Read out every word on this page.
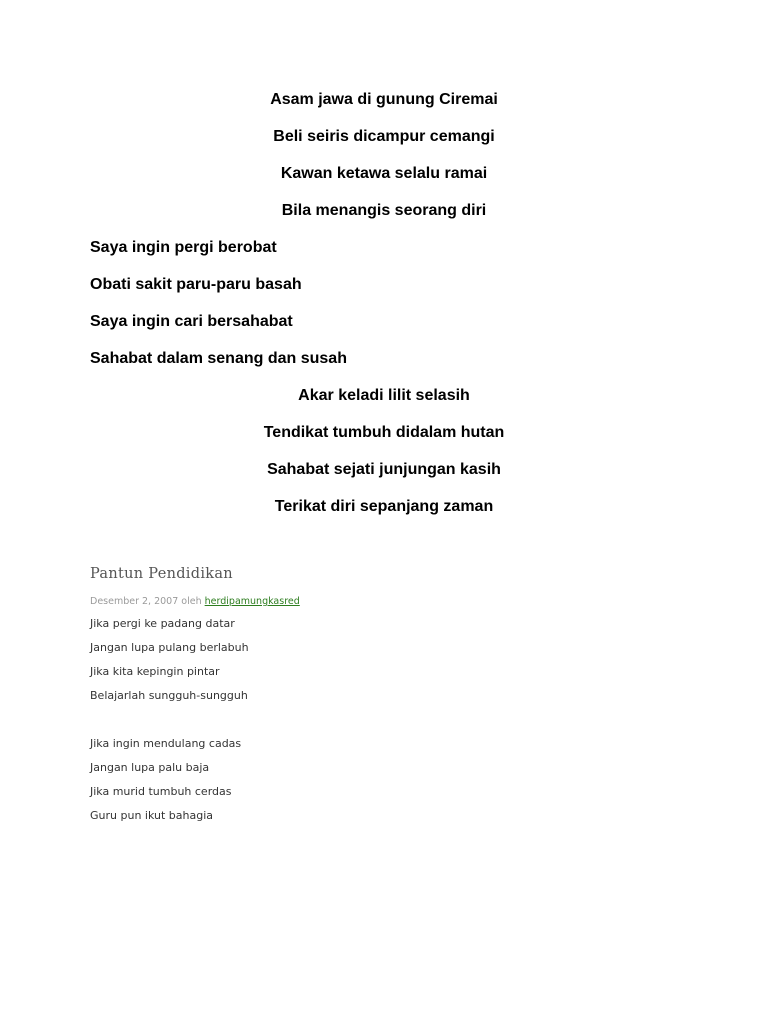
Asam jawa di gunung Ciremai
Beli seiris dicampur cemangi
Kawan ketawa selalu ramai
Bila menangis seorang diri
Saya ingin pergi berobat
Obati sakit paru-paru basah
Saya ingin cari bersahabat
Sahabat dalam senang dan susah
Akar keladi lilit selasih
Tendikat tumbuh didalam hutan
Sahabat sejati junjungan kasih
Terikat diri sepanjang zaman
Pantun Pendidikan
Desember 2, 2007 oleh herdipamungkasred
Jika pergi ke padang datar
Jangan lupa pulang berlabuh
Jika kita kepingin pintar
Belajarlah sungguh-sungguh
Jika ingin mendulang cadas
Jangan lupa palu baja
Jika murid tumbuh cerdas
Guru pun ikut bahagia
